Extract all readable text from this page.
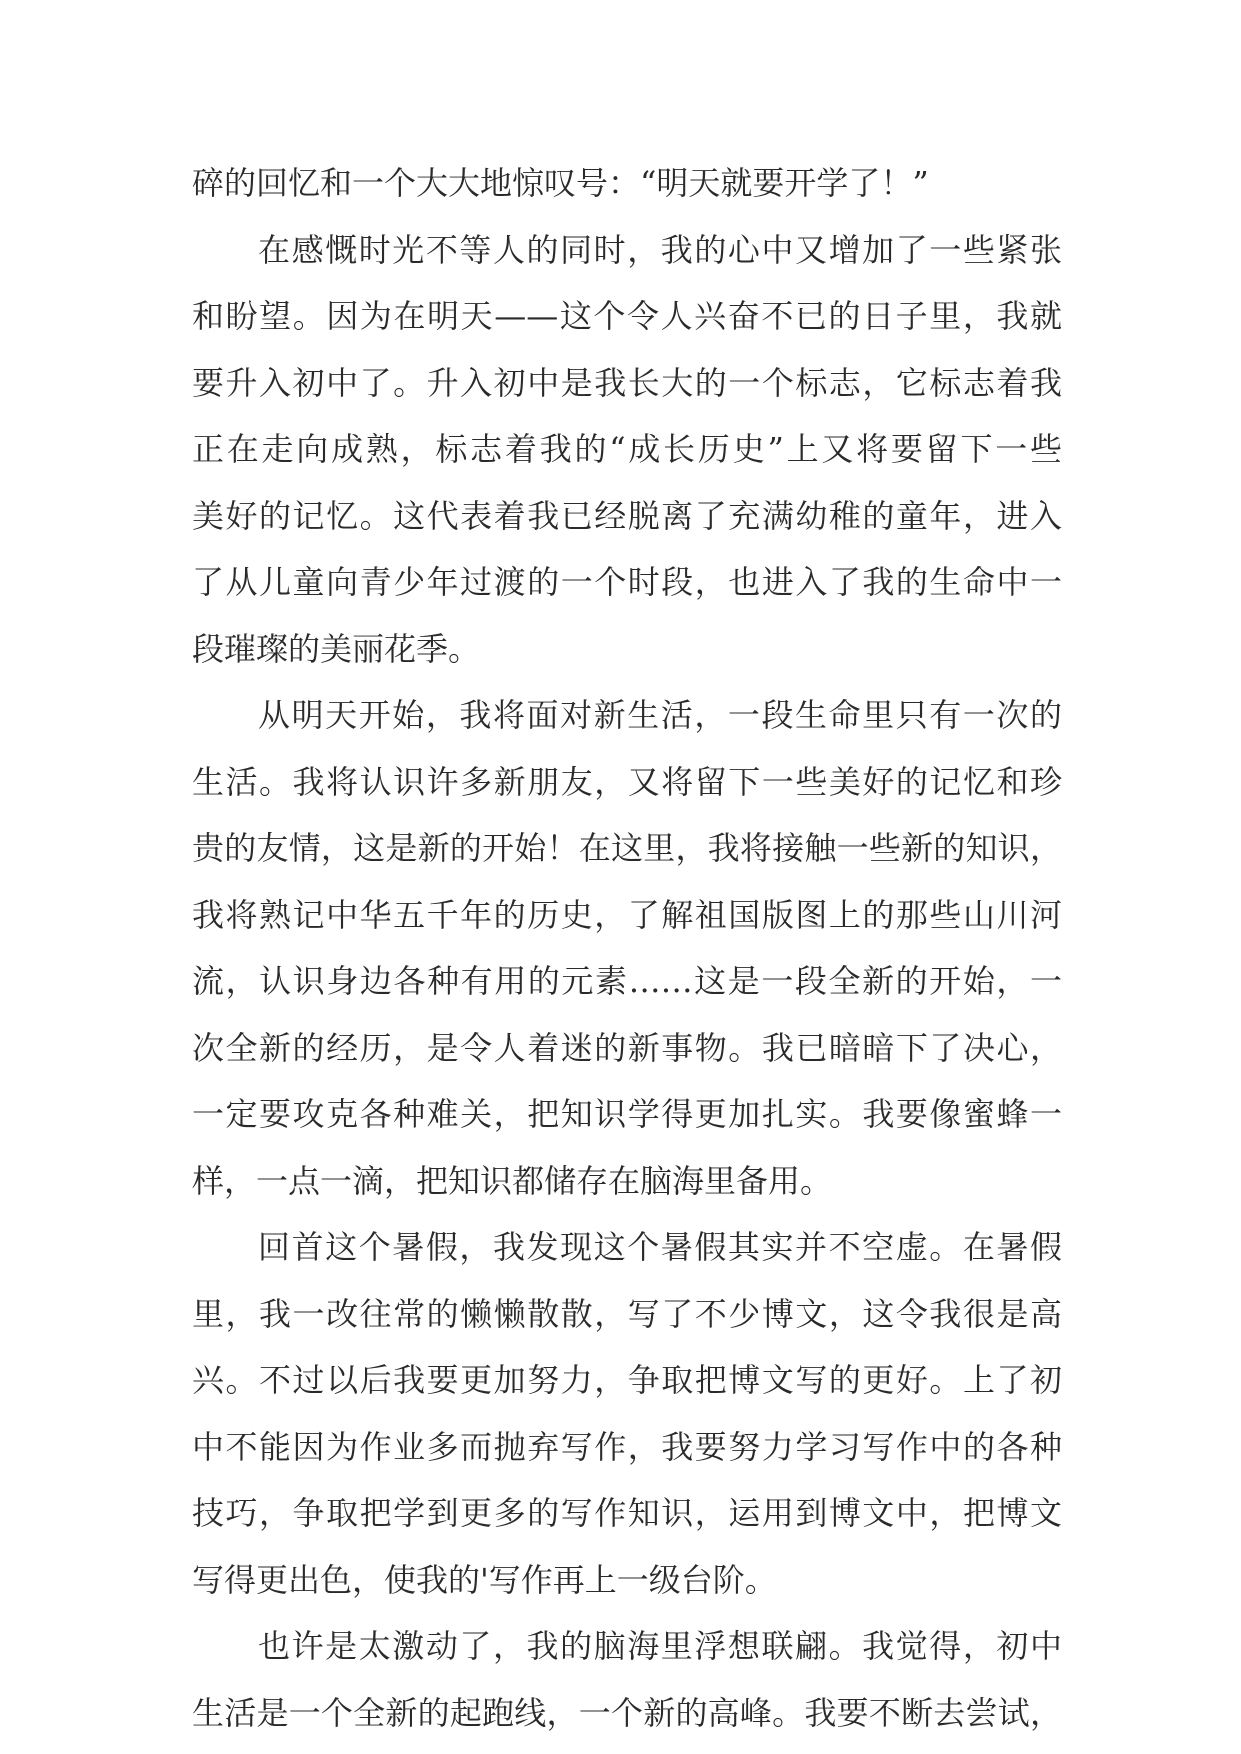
碎的回忆和一个大大地惊叹号：“明天就要开学了！”
在感慨时光不等人的同时，我的心中又增加了一些紧张
和盼望。因为在明天——这个令人兴奋不已的日子里，我就
要升入初中了。升入初中是我长大的一个标志，它标志着我
正在走向成熟，标志着我的“成长历史”上又将要留下一些
美好的记忆。这代表着我已经脱离了充满幼稚的童年，进入
了从儿童向青少年过渡的一个时段，也进入了我的生命中一
段璀璨的美丽花季。
从明天开始，我将面对新生活，一段生命里只有一次的
生活。我将认识许多新朋友，又将留下一些美好的记忆和珍
贵的友情，这是新的开始！在这里，我将接触一些新的知识，
我将熟记中华五千年的历史，了解祖国版图上的那些山川河
流，认识身边各种有用的元素……这是一段全新的开始，一
次全新的经历，是令人着迷的新事物。我已暗暗下了决心，
一定要攻克各种难关，把知识学得更加扎实。我要像蜜蜂一
样，一点一滴，把知识都储存在脑海里备用。
回首这个暑假，我发现这个暑假其实并不空虚。在暑假
里，我一改往常的懒懒散散，写了不少博文，这令我很是高
兴。不过以后我要更加努力，争取把博文写的更好。上了初
中不能因为作业多而抛弃写作，我要努力学习写作中的各种
技巧，争取把学到更多的写作知识，运用到博文中，把博文
写得更出色，使我的'写作再上一级台阶。
也许是太激动了，我的脑海里浮想联翩。我觉得，初中
生活是一个全新的起跑线，一个新的高峰。我要不断去尝试，
